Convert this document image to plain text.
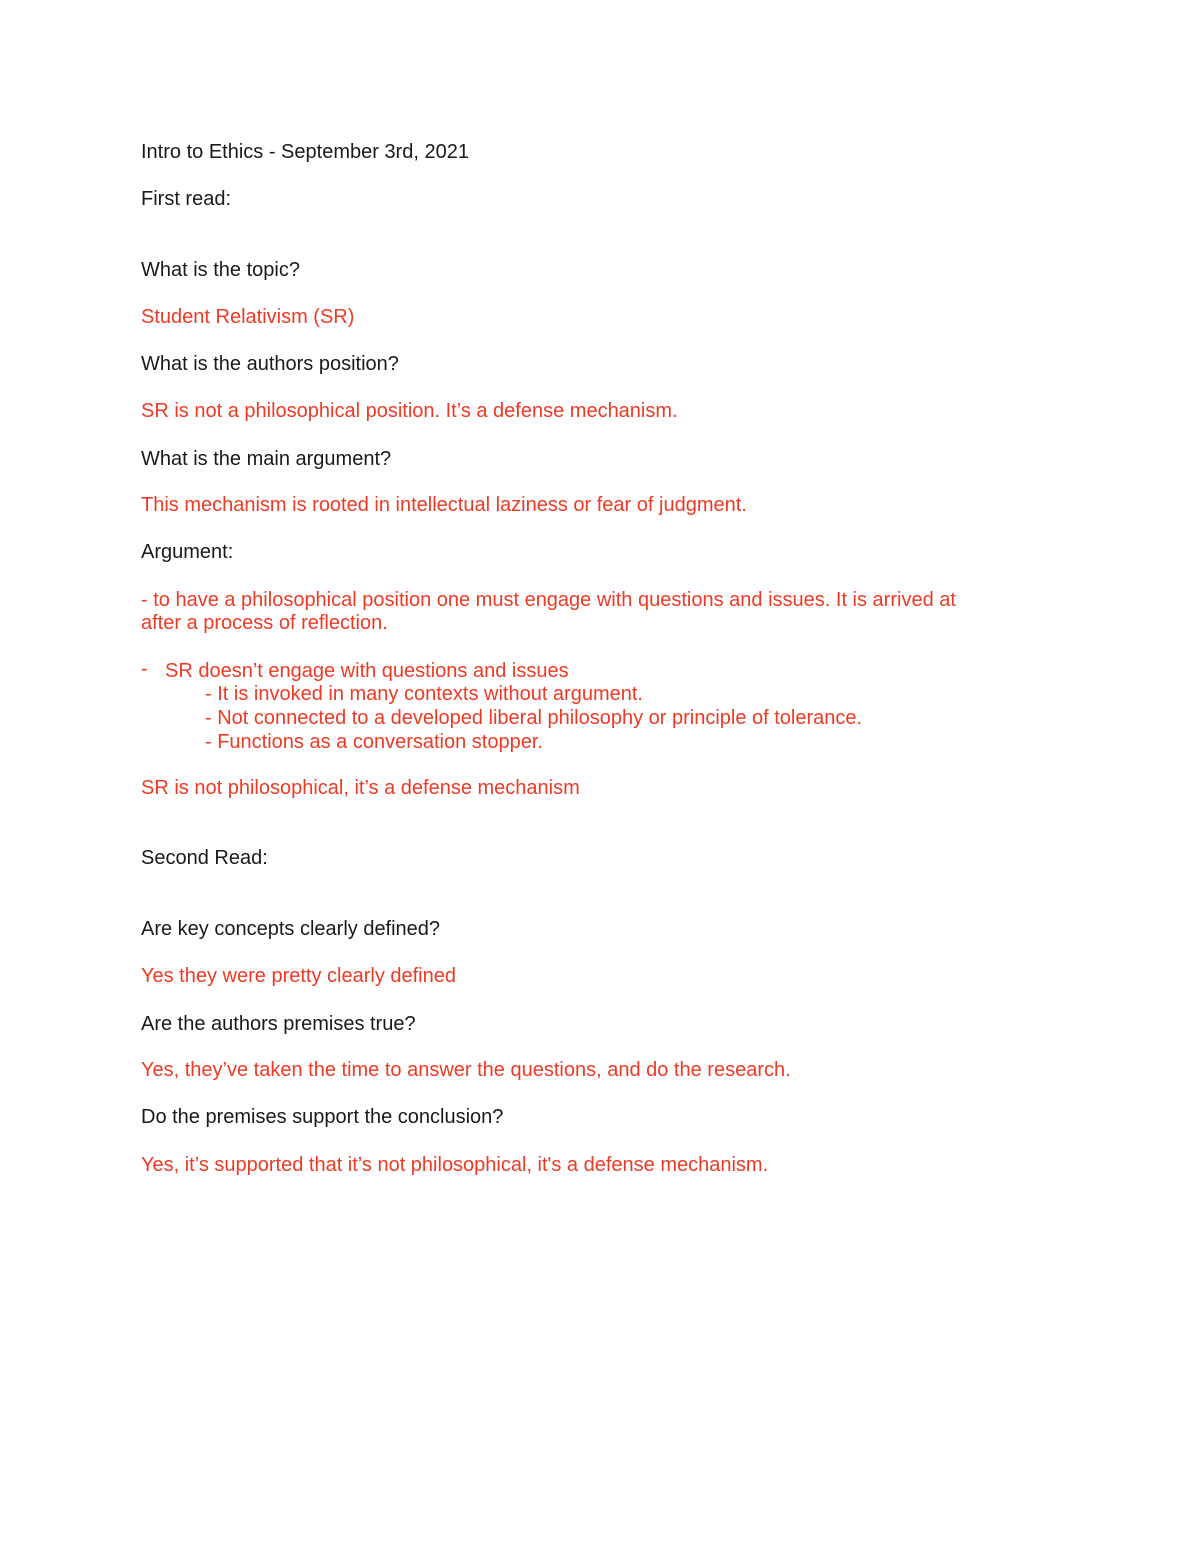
Intro to Ethics - September 3rd, 2021
First read:
What is the topic?
Student Relativism (SR)
What is the authors position?
SR is not a philosophical position. It’s a defense mechanism.
What is the main argument?
This mechanism is rooted in intellectual laziness or fear of judgment.
Argument:
- to have a philosophical position one must engage with questions and issues. It is arrived at
after a process of reflection.
- SR doesn’t engage with questions and issues
- It is invoked in many contexts without argument.
- Not connected to a developed liberal philosophy or principle of tolerance.
- Functions as a conversation stopper.
SR is not philosophical, it’s a defense mechanism
Second Read:
Are key concepts clearly defined?
Yes they were pretty clearly defined
Are the authors premises true?
Yes, they’ve taken the time to answer the questions, and do the research.
Do the premises support the conclusion?
Yes, it’s supported that it’s not philosophical, it's a defense mechanism.
